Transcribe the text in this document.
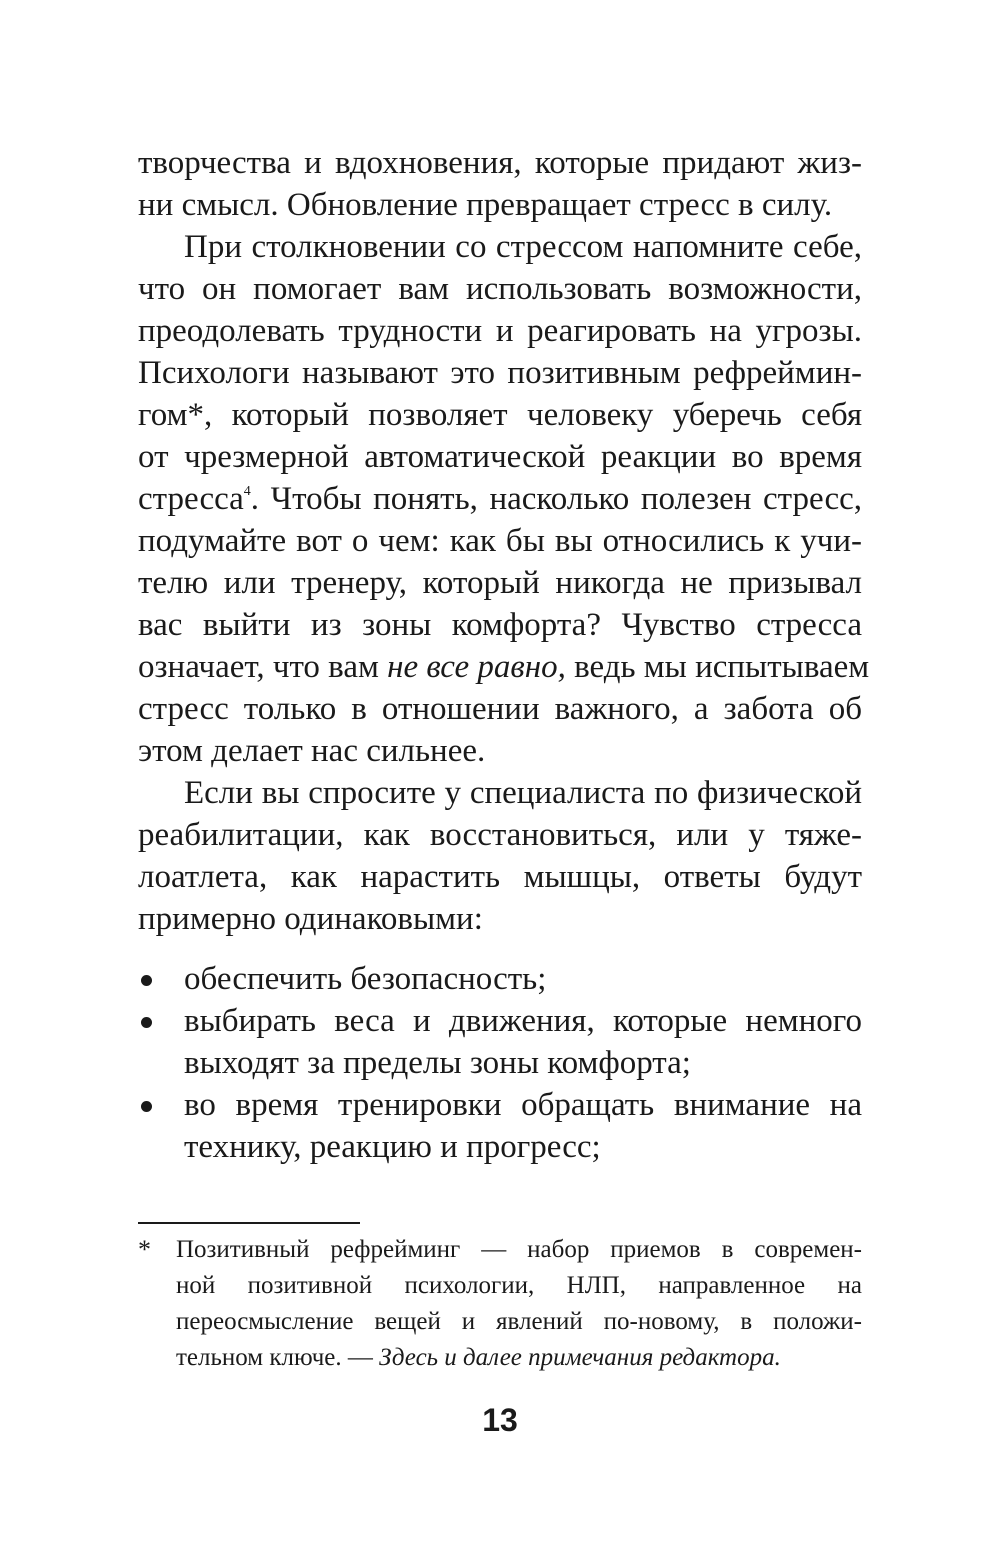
творчества и вдохновения, которые придают жиз-
ни смысл. Обновление превращает стресс в силу.
При столкновении со стрессом напомните себе,
что он помогает вам использовать возможности,
преодолевать трудности и реагировать на угрозы.
Психологи называют это позитивным рефреймин-
гом*, который позволяет человеку уберечь себя
от чрезмерной автоматической реакции во время
стресса$^4$. Чтобы понять, насколько полезен стресс,
подумайте вот о чем: как бы вы относились к учи-
телю или тренеру, который никогда не призывал
вас выйти из зоны комфорта? Чувство стресса
означает, что вам не все равно, ведь мы испытываем
стресс только в отношении важного, а забота об
этом делает нас сильнее.
Если вы спросите у специалиста по физической
реабилитации, как восстановиться, или у тяже-
лоатлета, как нарастить мышцы, ответы будут
примерно одинаковыми:
обеспечить безопасность;
выбирать веса и движения, которые немного
выходят за пределы зоны комфорта;
во время тренировки обращать внимание на
технику, реакцию и прогресс;
* Позитивный рефрейминг — набор приемов в современ-
ной позитивной психологии, НЛП, направленное на
переосмысление вещей и явлений по-новому, в положи-
тельном ключе. — Здесь и далее примечания редактора.
13
